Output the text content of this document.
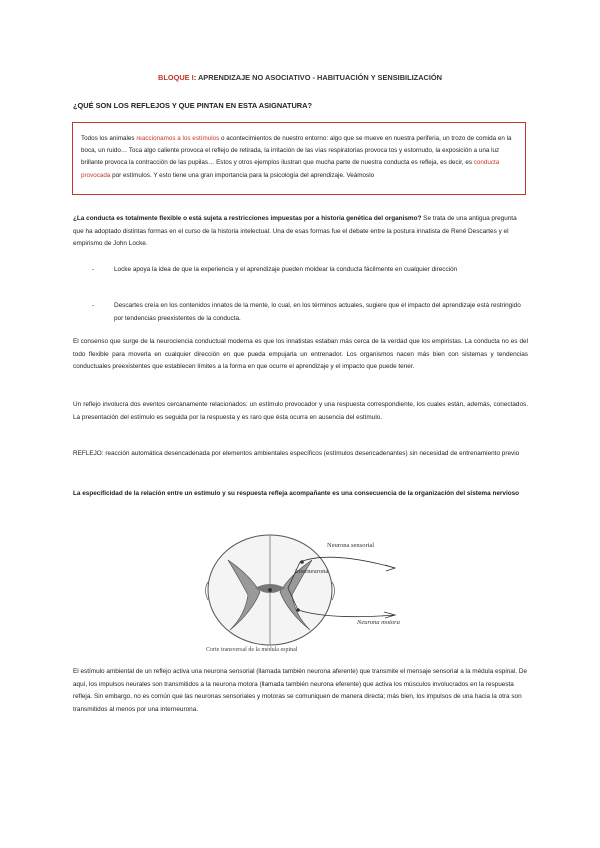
BLOQUE I: APRENDIZAJE NO ASOCIATIVO - HABITUACIÓN Y SENSIBILIZACIÓN
¿QUÉ SON LOS REFLEJOS Y QUE PINTAN EN ESTA ASIGNATURA?
Todos los animales reaccionamos a los estímulos o acontecimientos de nuestro entorno: algo que se mueve en nuestra periferia, un trozo de comida en la boca, un ruido… Toca algo caliente provoca el reflejo de retirada, la irritación de las vías respiratorias provoca tos y estornudo, la exposición a una luz brillante provoca la contracción de las pupilas… Estos y otros ejemplos ilustran que mucha parte de nuestra conducta es refleja, es decir, es conducta provocada por estímulos. Y esto tiene una gran importancia para la psicología del aprendizaje. Veámoslo
¿La conducta es totalmente flexible o está sujeta a restricciones impuestas por a historia genética del organismo? Se trata de una antigua pregunta que ha adoptado distintas formas en el curso de la historia intelectual. Una de esas formas fue el debate entre la postura innatista de René Descartes y el empirismo de John Locke.
-	Locke apoya la idea de que la experiencia y el aprendizaje pueden moldear la conducta fácilmente en cualquier dirección
-	Descartes creía en los contenidos innatos de la mente, lo cual, en los términos actuales, sugiere que el impacto del aprendizaje está restringido por tendencias preexistentes de la conducta.
El consenso que surge de la neurociencia conductual moderna es que los innatistas estaban más cerca de la verdad que los empiristas. La conducta no es del todo flexible para moverla en cualquier dirección en que pueda empujarla un entrenador. Los organismos nacen más bien con sistemas y tendencias conductuales preexistentes que establecen límites a la forma en que ocurre el aprendizaje y el impacto que puede tener.
Un reflejo involucra dos eventos cercanamente relacionados: un estímulo provocador y una respuesta correspondiente, los cuales están, además, conectados. La presentación del estímulo es seguida por la respuesta y es raro que ésta ocurra en ausencia del estímulo.
REFLEJO: reacción automática desencadenada por elementos ambientales específicos (estímulos desencadenantes) sin necesidad de entrenamiento previo
La especificidad de la relación entre un estímulo y su respuesta refleja acompañante es una consecuencia de la organización del sistema nervioso
Neurona sensorial
Interneurona
Neurona motora
Corte transversal de la médula espinal
El estímulo ambiental de un reflejo activa una neurona sensorial (llamada también neurona aferente) que transmite el mensaje sensorial a la médula espinal. De aquí, los impulsos neurales son transmitidos a la neurona motora (llamada también neurona eferente) que activa los músculos involucrados en la respuesta refleja. Sin embargo, no es común que las neuronas sensoriales y motoras se comuniquen de manera directa; más bien, los impulsos de una hacia la otra son transmitidos al menos por una interneurona.
